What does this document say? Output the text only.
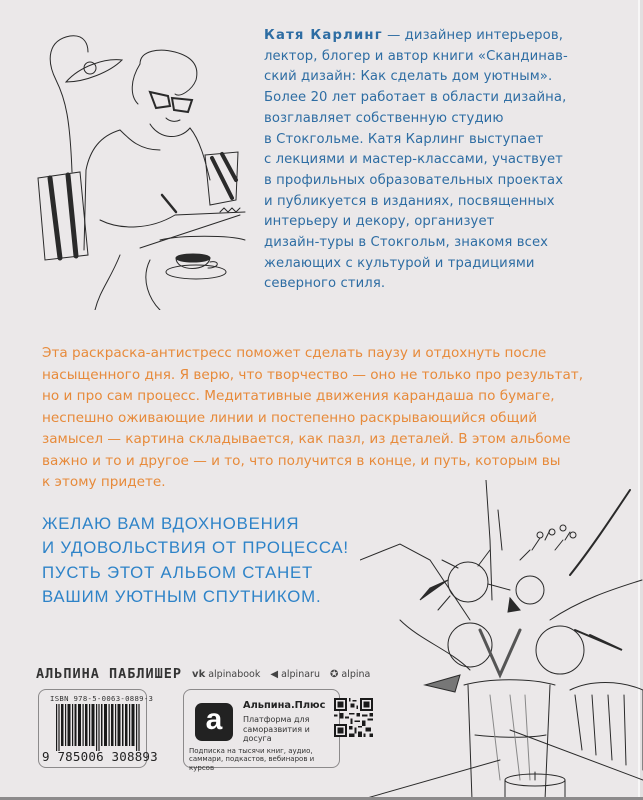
Катя Карлинг — дизайнер интерьеров,

лектор, блогер и автор книги «Скандинав-

ский дизайн: Как сделать дом уютным».

Более 20 лет работает в области дизайна,

возглавляет собственную студию

в Стокгольме. Катя Карлинг выступает

с лекциями и мастер-классами, участвует

в профильных образовательных проектах

и публикуется в изданиях, посвященных

интерьеру и декору, организует

дизайн-туры в Стокгольм, знакомя всех

желающих с культурой и традициями

северного стиля.

Эта раскраска-антистресс поможет сделать паузу и отдохнуть после

насыщенного дня. Я верю, что творчество — оно не только про результат,

но и про сам процесс. Медитативные движения карандаша по бумаге,

неспешно оживающие линии и постепенно раскрывающийся общий

замысел — картина складывается, как пазл, из деталей. В этом альбоме

важно и то и другое — и то, что получится в конце, и путь, которым вы

к этому придете.

ЖЕЛАЮ ВАМ ВДОХНОВЕНИЯ
И УДОВОЛЬСТВИЯ ОТ ПРОЦЕССА!
ПУСТЬ ЭТОТ АЛЬБОМ СТАНЕТ
ВАШИМ УЮТНЫМ СПУТНИКОМ.
АЛЬПИНА ПАБЛИШЕР vk alpinabook ◀ alpinaru ✪ alpina
ISBN 978-5-0063-0889-3
9 785006 308893
a	Альпина.Плюс
Платформа для саморазвития и досуга
Подписка на тысячи книг, аудио, саммари, подкастов, вебинаров и курсов
